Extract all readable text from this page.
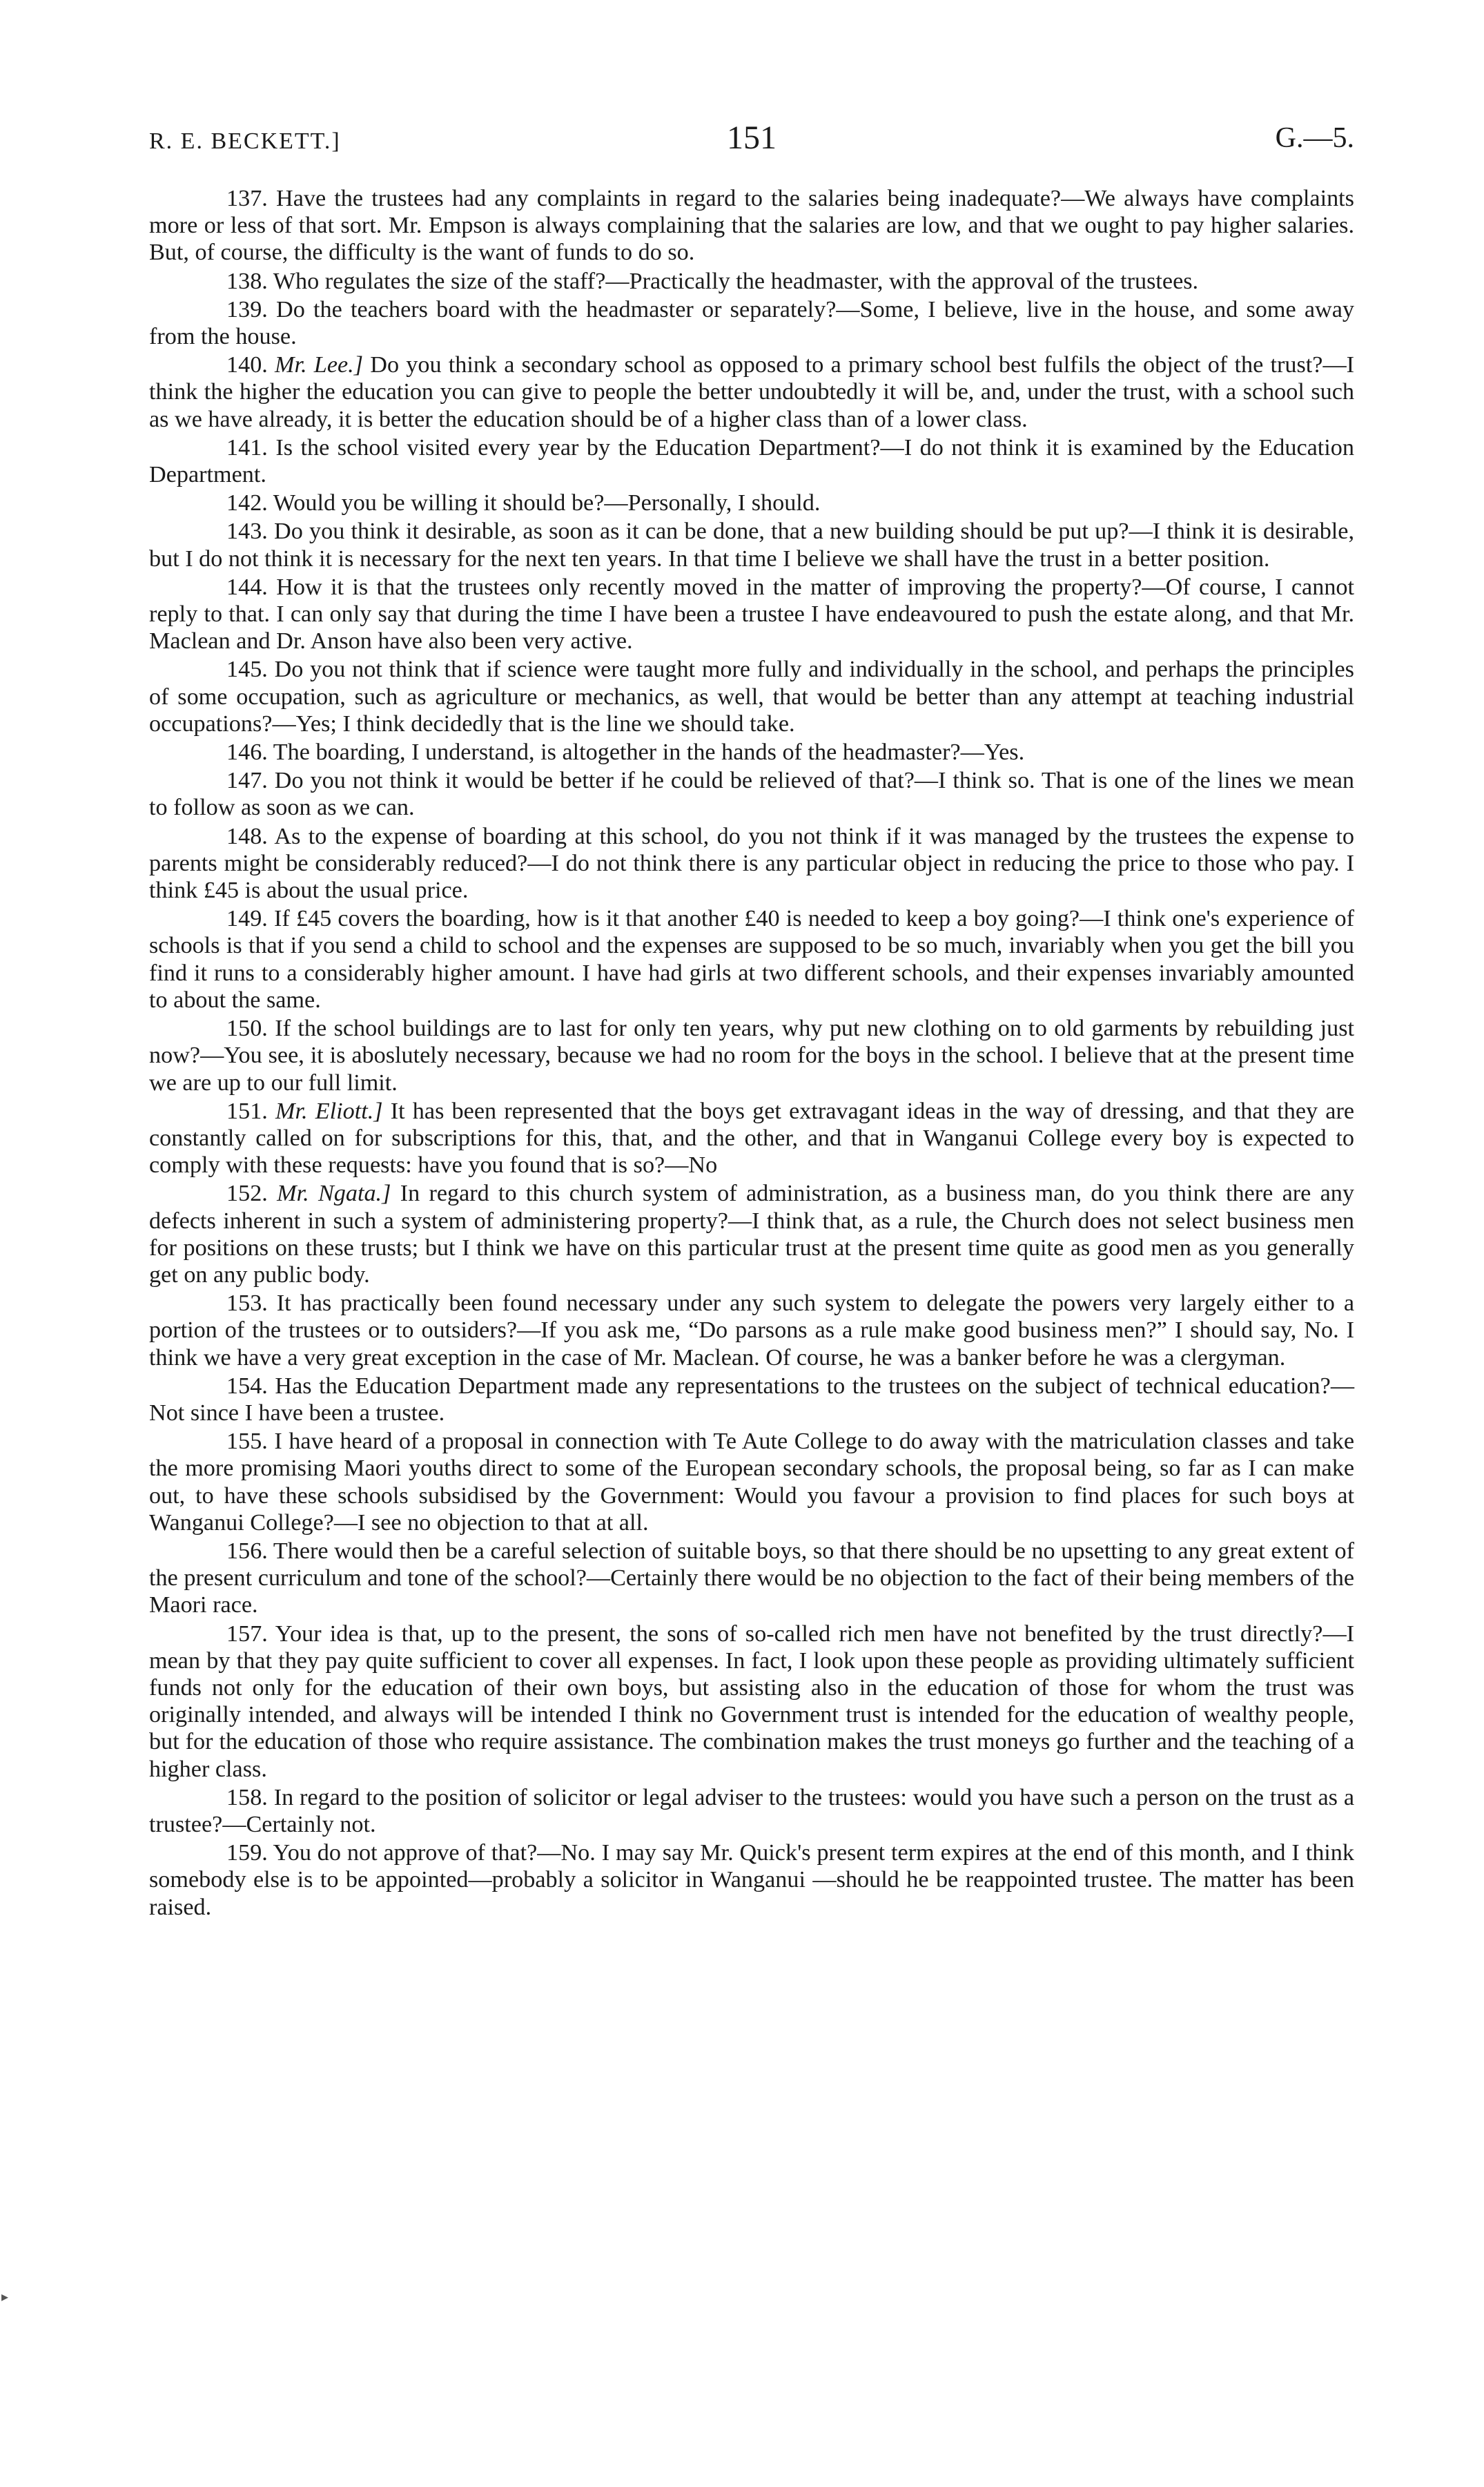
R. E. BECKETT.]	151	G.—5.

137. Have the trustees had any complaints in regard to the salaries being inadequate?—We always have complaints more or less of that sort. Mr. Empson is always complaining that the salaries are low, and that we ought to pay higher salaries. But, of course, the difficulty is the want of funds to do so.

138. Who regulates the size of the staff?—Practically the headmaster, with the approval of the trustees.

139. Do the teachers board with the headmaster or separately?—Some, I believe, live in the house, and some away from the house.

140. Mr. Lee.] Do you think a secondary school as opposed to a primary school best fulfils the object of the trust?—I think the higher the education you can give to people the better undoubtedly it will be, and, under the trust, with a school such as we have already, it is better the education should be of a higher class than of a lower class.

141. Is the school visited every year by the Education Department?—I do not think it is examined by the Education Department.

142. Would you be willing it should be?—Personally, I should.

143. Do you think it desirable, as soon as it can be done, that a new building should be put up?—I think it is desirable, but I do not think it is necessary for the next ten years. In that time I believe we shall have the trust in a better position.

144. How it is that the trustees only recently moved in the matter of improving the property?—Of course, I cannot reply to that. I can only say that during the time I have been a trustee I have endeavoured to push the estate along, and that Mr. Maclean and Dr. Anson have also been very active.

145. Do you not think that if science were taught more fully and individually in the school, and perhaps the principles of some occupation, such as agriculture or mechanics, as well, that would be better than any attempt at teaching industrial occupations?—Yes; I think decidedly that is the line we should take.

146. The boarding, I understand, is altogether in the hands of the headmaster?—Yes.

147. Do you not think it would be better if he could be relieved of that?—I think so. That is one of the lines we mean to follow as soon as we can.

148. As to the expense of boarding at this school, do you not think if it was managed by the trustees the expense to parents might be considerably reduced?—I do not think there is any particular object in reducing the price to those who pay. I think £45 is about the usual price.

149. If £45 covers the boarding, how is it that another £40 is needed to keep a boy going?—I think one's experience of schools is that if you send a child to school and the expenses are supposed to be so much, invariably when you get the bill you find it runs to a considerably higher amount. I have had girls at two different schools, and their expenses invariably amounted to about the same.

150. If the school buildings are to last for only ten years, why put new clothing on to old garments by rebuilding just now?—You see, it is aboslutely necessary, because we had no room for the boys in the school. I believe that at the present time we are up to our full limit.

151. Mr. Eliott.] It has been represented that the boys get extravagant ideas in the way of dressing, and that they are constantly called on for subscriptions for this, that, and the other, and that in Wanganui College every boy is expected to comply with these requests: have you found that is so?—No

152. Mr. Ngata.] In regard to this church system of administration, as a business man, do you think there are any defects inherent in such a system of administering property?—I think that, as a rule, the Church does not select business men for positions on these trusts; but I think we have on this particular trust at the present time quite as good men as you generally get on any public body.

153. It has practically been found necessary under any such system to delegate the powers very largely either to a portion of the trustees or to outsiders?—If you ask me, “Do parsons as a rule make good business men?” I should say, No. I think we have a very great exception in the case of Mr. Maclean. Of course, he was a banker before he was a clergyman.

154. Has the Education Department made any representations to the trustees on the subject of technical education?—Not since I have been a trustee.

155. I have heard of a proposal in connection with Te Aute College to do away with the matriculation classes and take the more promising Maori youths direct to some of the European secondary schools, the proposal being, so far as I can make out, to have these schools subsidised by the Government: Would you favour a provision to find places for such boys at Wanganui College?—I see no objection to that at all.

156. There would then be a careful selection of suitable boys, so that there should be no upsetting to any great extent of the present curriculum and tone of the school?—Certainly there would be no objection to the fact of their being members of the Maori race.

157. Your idea is that, up to the present, the sons of so-called rich men have not benefited by the trust directly?—I mean by that they pay quite sufficient to cover all expenses. In fact, I look upon these people as providing ultimately sufficient funds not only for the education of their own boys, but assisting also in the education of those for whom the trust was originally intended, and always will be intended I think no Government trust is intended for the education of wealthy people, but for the education of those who require assistance. The combination makes the trust moneys go further and the teaching of a higher class.

158. In regard to the position of solicitor or legal adviser to the trustees: would you have such a person on the trust as a trustee?—Certainly not.

159. You do not approve of that?—No. I may say Mr. Quick's present term expires at the end of this month, and I think somebody else is to be appointed—probably a solicitor in Wanganui —should he be reappointed trustee. The matter has been raised.

▸
